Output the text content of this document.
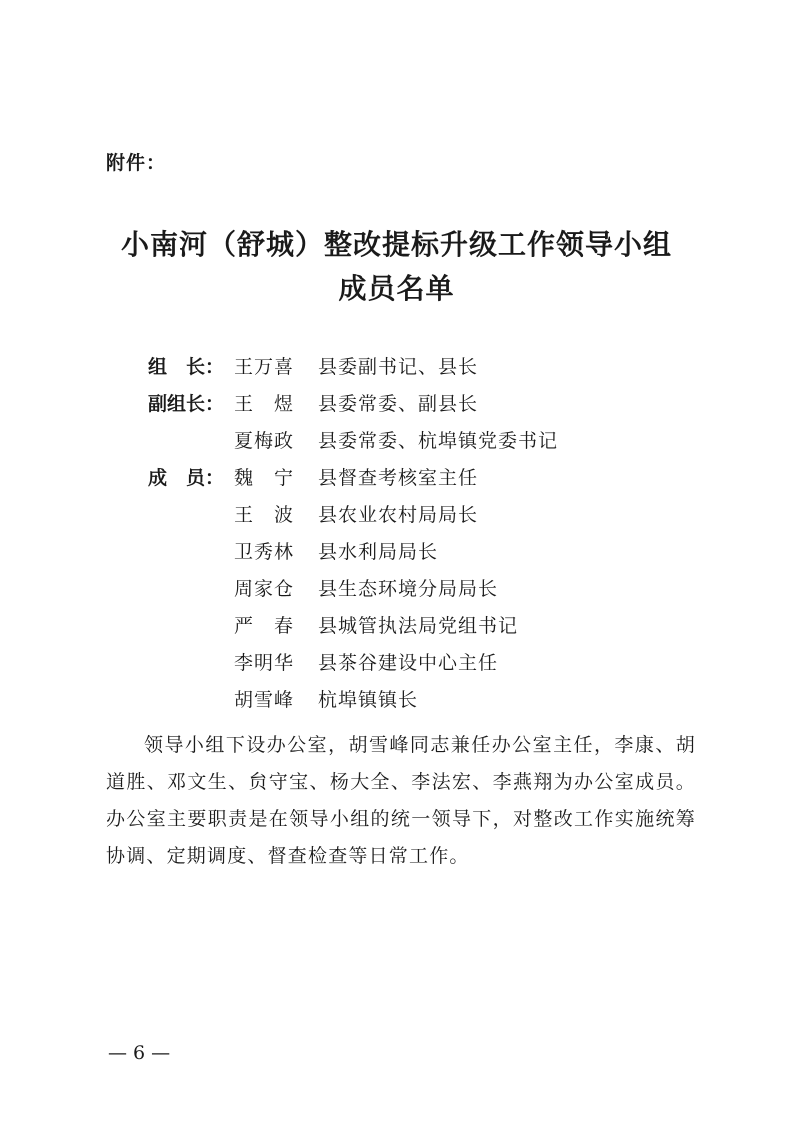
附件：
小南河（舒城）整改提标升级工作领导小组
成员名单
组　长： 王万喜	县委副书记、县长
副组长： 王　煜	县委常委、副县长
夏梅政	县委常委、杭埠镇党委书记
成　员： 魏　宁	县督查考核室主任
王　波	县农业农村局局长
卫秀林	县水利局局长
周家仓	县生态环境分局局长
严　春	县城管执法局党组书记
李明华	县茶谷建设中心主任
胡雪峰	杭埠镇镇长
领导小组下设办公室，胡雪峰同志兼任办公室主任，李康、胡道胜、邓文生、贠守宝、杨大全、李法宏、李燕翔为办公室成员。办公室主要职责是在领导小组的统一领导下，对整改工作实施统筹协调、定期调度、督查检查等日常工作。
— 6 —
